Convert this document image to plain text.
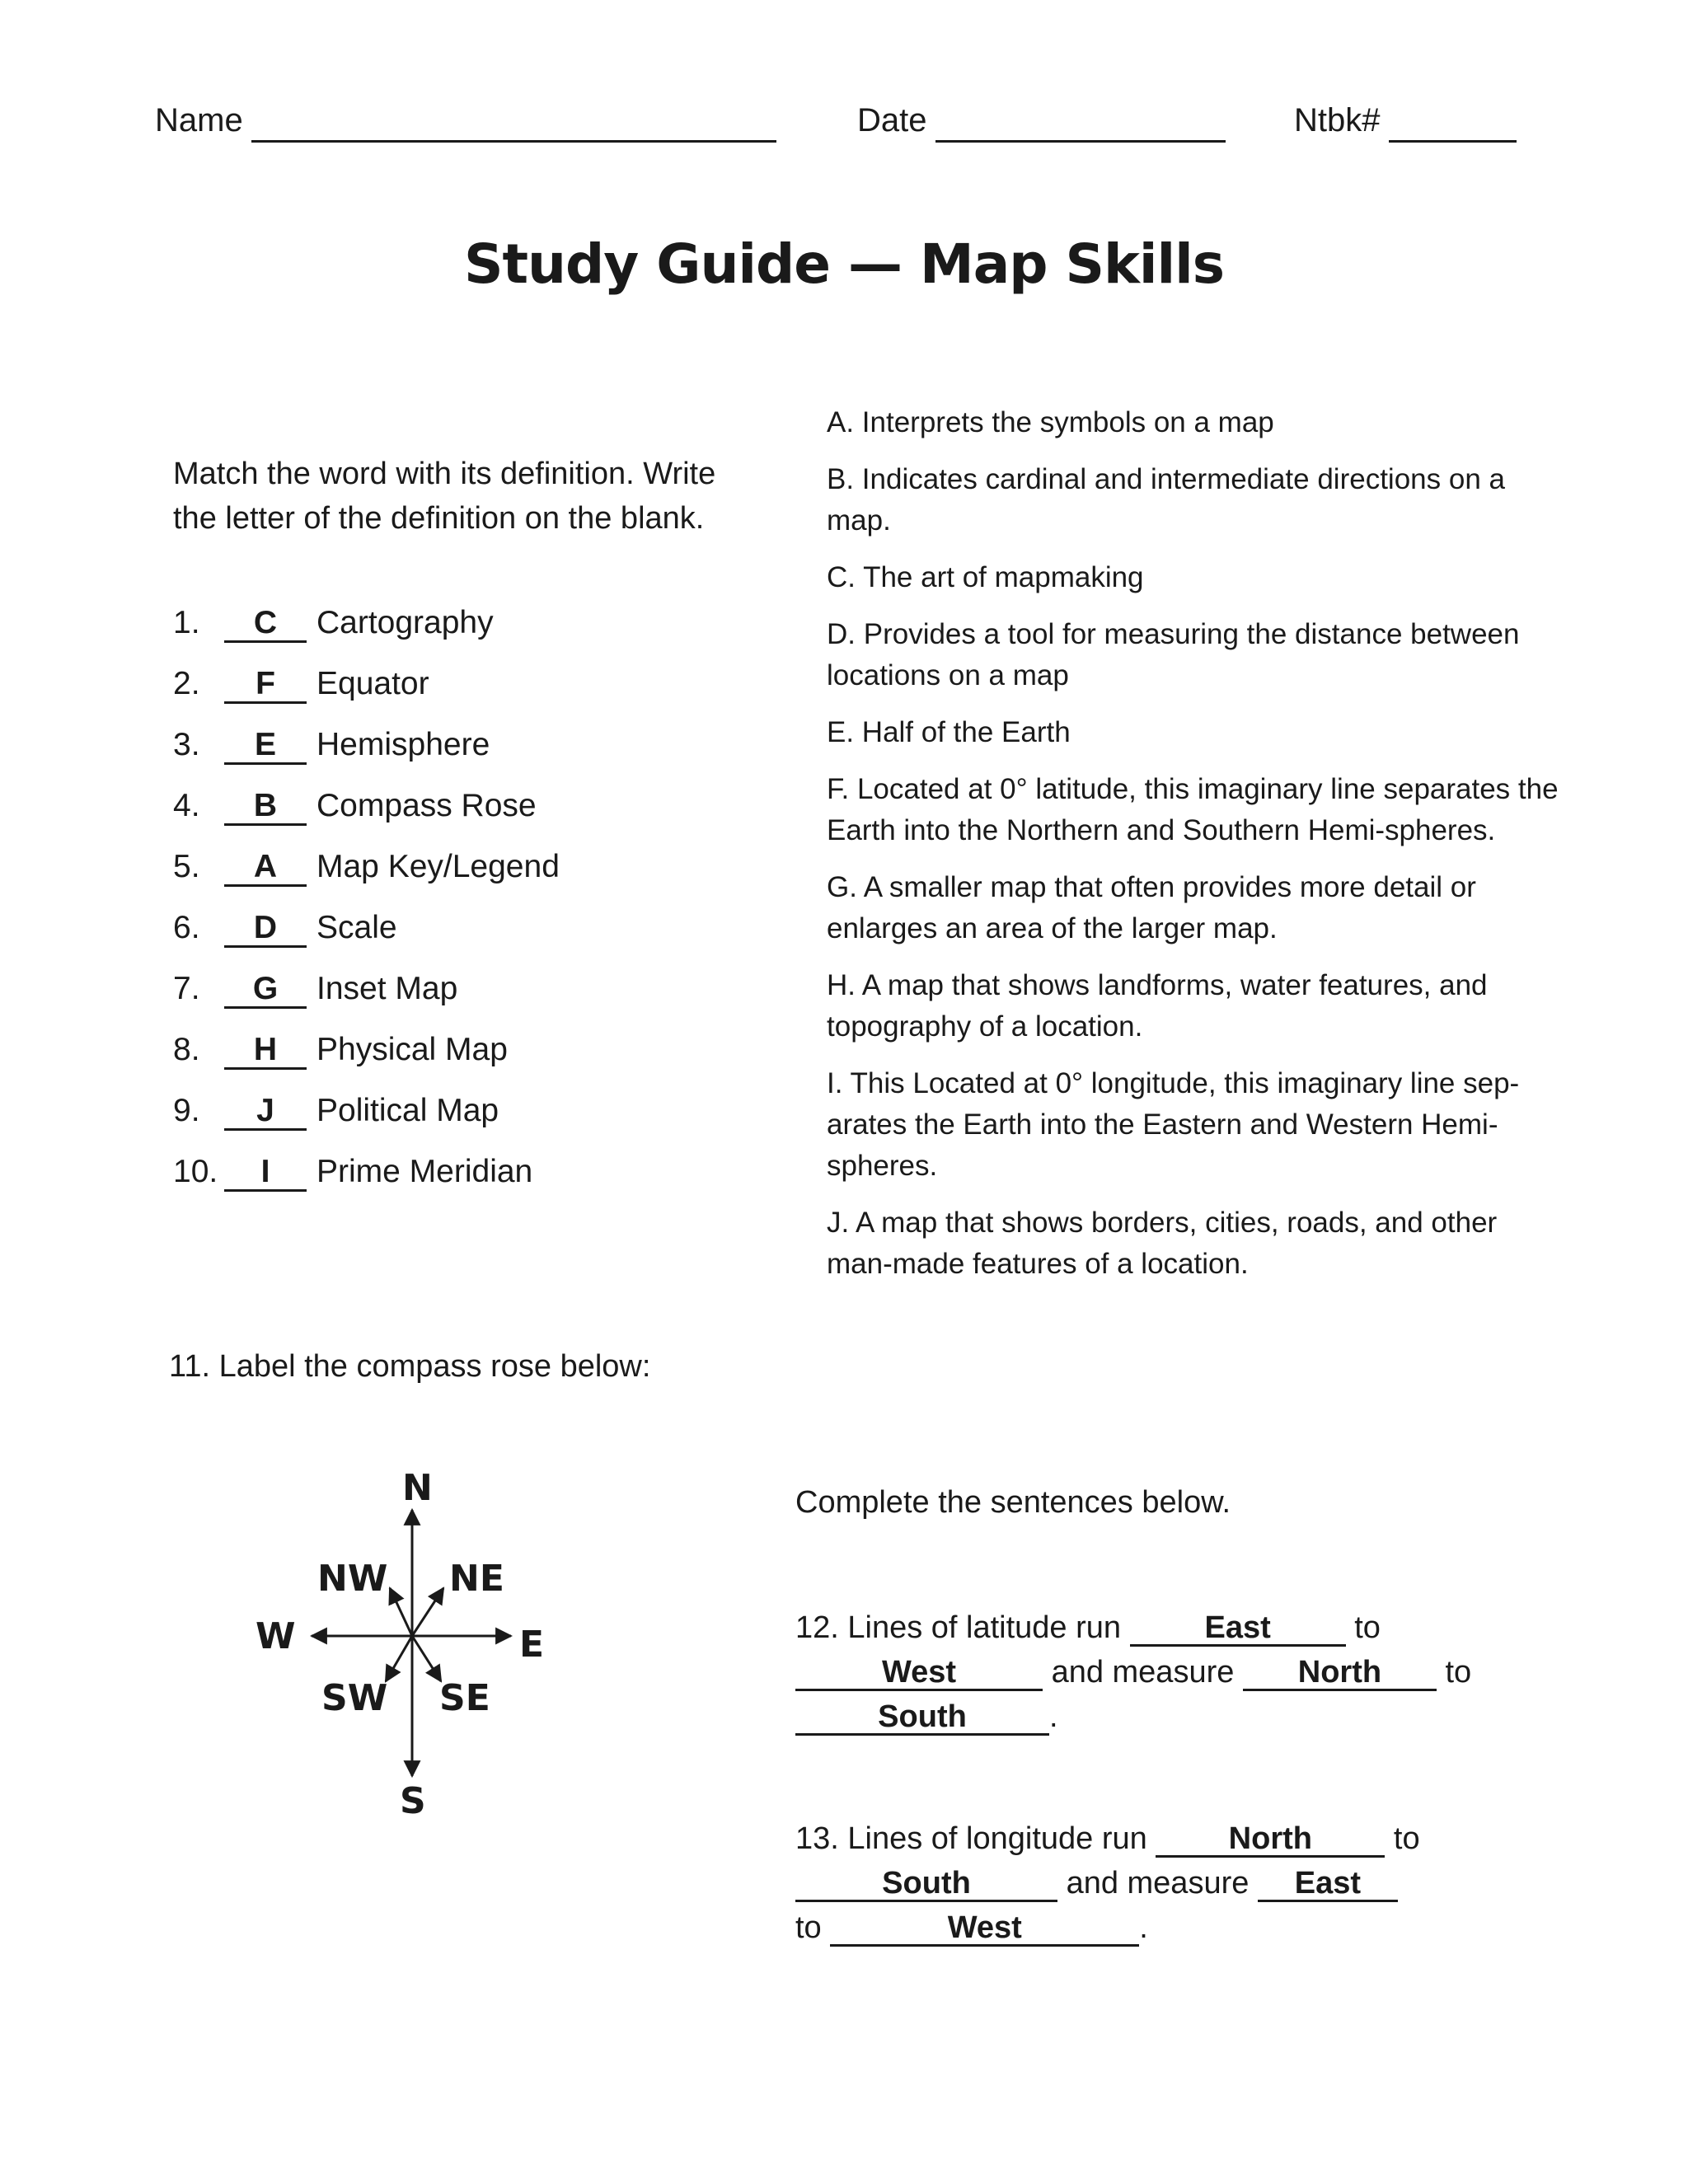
Name	Date	Ntbk#
Study Guide — Map Skills
Match the word with its definition. Write the letter of the definition on the blank.
1. C Cartography
2. F Equator
3. E Hemisphere
4. B Compass Rose
5. A Map Key/Legend
6. D Scale
7. G Inset Map
8. H Physical Map
9. J Political Map
10. I Prime Meridian
A. Interprets the symbols on a map
B. Indicates cardinal and intermediate directions on a map.
C. The art of mapmaking
D. Provides a tool for measuring the distance between locations on a map
E. Half of the Earth
F. Located at 0° latitude, this imaginary line separates the Earth into the Northern and Southern Hemi-spheres.
G. A smaller map that often provides more detail or enlarges an area of the larger map.
H. A map that shows landforms, water features, and topography of a location.
I. This Located at 0° longitude, this imaginary line sep-arates the Earth into the Eastern and Western Hemi-spheres.
J. A map that shows borders, cities, roads, and other man-made features of a location.
11. Label the compass rose below:
N
NW NE
W	E
SW SE
S
Complete the sentences below.
12. Lines of latitude run	East	to
West	and measure North to
South	.
13. Lines of longitude run	North	to
South	and measure East
to	West	.
